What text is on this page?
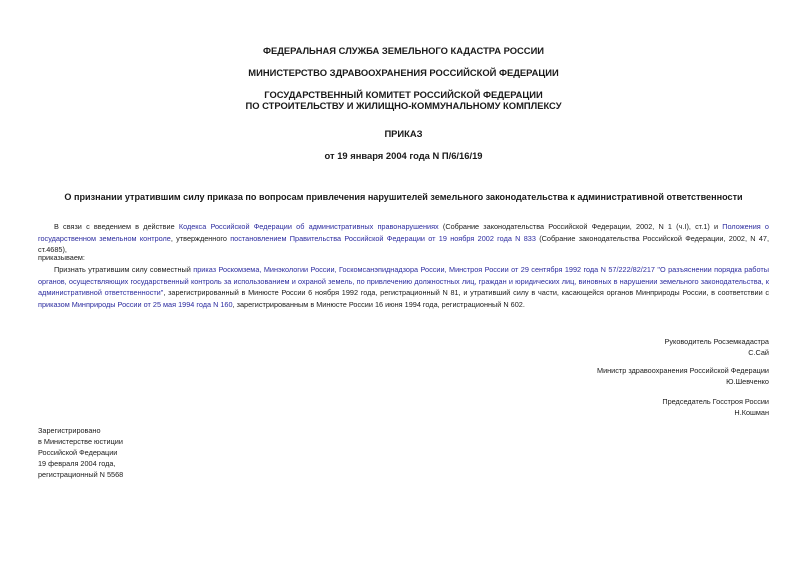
ФЕДЕРАЛЬНАЯ СЛУЖБА ЗЕМЕЛЬНОГО КАДАСТРА РОССИИ

МИНИСТЕРСТВО ЗДРАВООХРАНЕНИЯ РОССИЙСКОЙ ФЕДЕРАЦИИ

ГОСУДАРСТВЕННЫЙ КОМИТЕТ РОССИЙСКОЙ ФЕДЕРАЦИИ

ПО СТРОИТЕЛЬСТВУ И ЖИЛИЩНО-КОММУНАЛЬНОМУ КОМПЛЕКСУ

ПРИКАЗ

от 19 января 2004 года N П/6/16/19

О признании утратившим силу приказа по вопросам привлечения нарушителей земельного законодательства к административной ответственности

В связи с введением в действие Кодекса Российской Федерации об административных правонарушениях (Собрание законодательства Российской Федерации, 2002, N 1 (ч.I), ст.1) и Положения о государственном земельном контроле, утвержденного постановлением Правительства Российской Федерации от 19 ноября 2002 года N 833 (Собрание законодательства Российской Федерации, 2002, N 47, ст.4685),

приказываем:

Признать утратившим силу совместный приказ Роскомзема, Минэкологии России, Госкомсанэпиднадзора России, Минстроя России от 29 сентября 1992 года N 57/222/82/217 "О разъяснении порядка работы органов, осуществляющих государственный контроль за использованием и охраной земель, по привлечению должностных лиц, граждан и юридических лиц, виновных в нарушении земельного законодательства, к административной ответственности", зарегистрированный в Минюсте России 6 ноября 1992 года, регистрационный N 81, и утративший силу в части, касающейся органов Минприроды России, в соответствии с приказом Минприроды России от 25 мая 1994 года N 160, зарегистрированным в Минюсте России 16 июня 1994 года, регистрационный N 602.

Руководитель Росземкадастра
С.Сай
Министр здравоохранения Российской Федерации
Ю.Шевченко
Председатель Госстроя России
Н.Кошман
Зарегистрировано
в Министерстве юстиции
Российской Федерации
19 февраля 2004 года,
регистрационный N 5568
